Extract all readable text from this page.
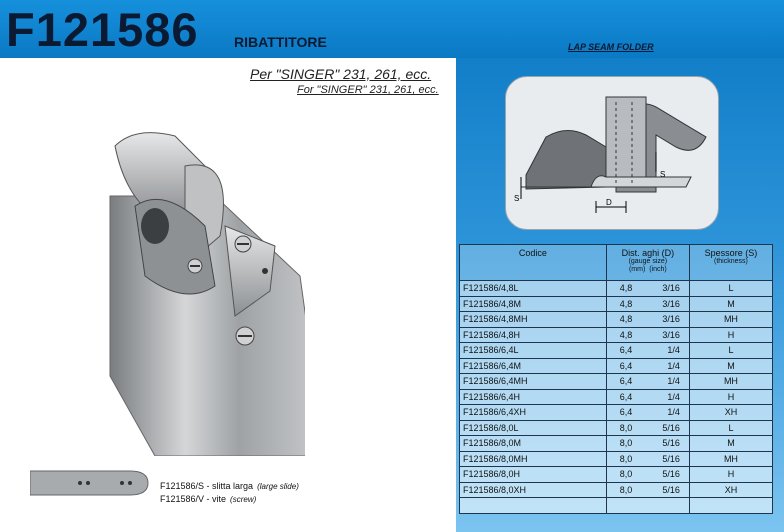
F121586	RIBATTITORE
Per "SINGER" 231, 261, ecc.
For "SINGER" 231, 261, ecc.
F121586/S - slitta larga (large slide)
F121586/V - vite (screw)
LAP SEAM FOLDER
D
S
S
Codice	Dist. aghi (D)
(gauge size)
(mm) (inch)	Spessore (S)
(thickness)

F121586/4,8L	4,8 3/16	L
F121586/4,8M	4,8 3/16	M
F121586/4,8MH	4,8 3/16	MH
F121586/4,8H	4,8 3/16	H
F121586/6,4L	6,4 1/4	L
F121586/6,4M	6,4 1/4	M
F121586/6,4MH	6,4 1/4	MH
F121586/6,4H	6,4 1/4	H
F121586/6,4XH	6,4 1/4	XH
F121586/8,0L	8,0 5/16	L
F121586/8,0M	8,0 5/16	M
F121586/8,0MH	8,0 5/16	MH
F121586/8,0H	8,0 5/16	H
F121586/8,0XH	8,0 5/16	XH
